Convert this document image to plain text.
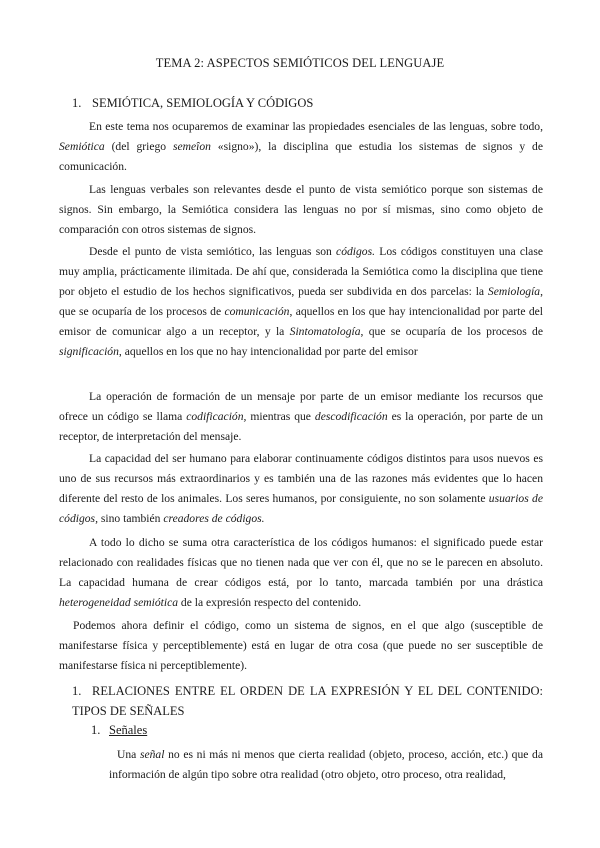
TEMA 2: ASPECTOS SEMIÓTICOS DEL LENGUAJE
1. SEMIÓTICA, SEMIOLOGÍA Y CÓDIGOS
En este tema nos ocuparemos de examinar las propiedades esenciales de las lenguas, sobre todo, Semiótica (del griego semeîon «signo»), la disciplina que estudia los sistemas de signos y de comunicación.
Las lenguas verbales son relevantes desde el punto de vista semiótico porque son sistemas de signos. Sin embargo, la Semiótica considera las lenguas no por sí mismas, sino como objeto de comparación con otros sistemas de signos.
Desde el punto de vista semiótico, las lenguas son códigos. Los códigos constituyen una clase muy amplia, prácticamente ilimitada. De ahí que, considerada la Semiótica como la disciplina que tiene por objeto el estudio de los hechos significativos, pueda ser subdivida en dos parcelas: la Semiología, que se ocuparía de los procesos de comunicación, aquellos en los que hay intencionalidad por parte del emisor de comunicar algo a un receptor, y la Sintomatología, que se ocuparía de los procesos de significación, aquellos en los que no hay intencionalidad por parte del emisor
La operación de formación de un mensaje por parte de un emisor mediante los recursos que ofrece un código se llama codificación, mientras que descodificación es la operación, por parte de un receptor, de interpretación del mensaje.
La capacidad del ser humano para elaborar continuamente códigos distintos para usos nuevos es uno de sus recursos más extraordinarios y es también una de las razones más evidentes que lo hacen diferente del resto de los animales. Los seres humanos, por consiguiente, no son solamente usuarios de códigos, sino también creadores de códigos.
A todo lo dicho se suma otra característica de los códigos humanos: el significado puede estar relacionado con realidades físicas que no tienen nada que ver con él, que no se le parecen en absoluto. La capacidad humana de crear códigos está, por lo tanto, marcada también por una drástica heterogeneidad semiótica de la expresión respecto del contenido.
Podemos ahora definir el código, como un sistema de signos, en el que algo (susceptible de manifestarse física y perceptiblemente) está en lugar de otra cosa (que puede no ser susceptible de manifestarse física ni perceptiblemente).
1. RELACIONES ENTRE EL ORDEN DE LA EXPRESIÓN Y EL DEL CONTENIDO: TIPOS DE SEÑALES
1. Señales
Una señal no es ni más ni menos que cierta realidad (objeto, proceso, acción, etc.) que da información de algún tipo sobre otra realidad (otro objeto, otro proceso, otra realidad,
